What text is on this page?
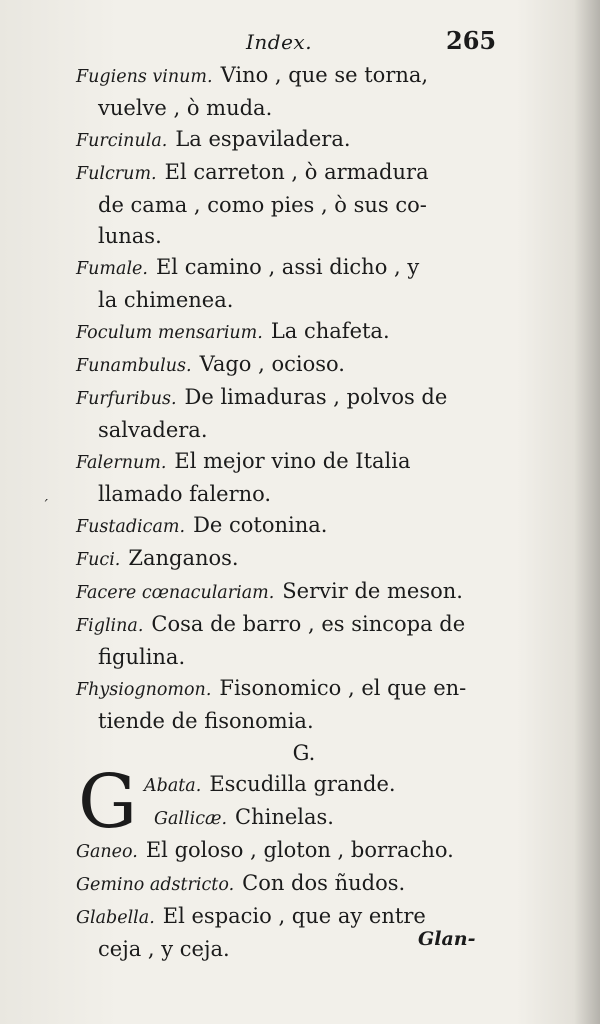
Index.	265
´
Fugiens vinum. Vino , que se torna,
vuelve , ò muda.
Furcinula. La espaviladera.
Fulcrum. El carreton , ò armadura
de cama , como pies , ò sus co-
lunas.
Fumale. El camino , assi dicho , y
la chimenea.
Foculum mensarium. La chafeta.
Funambulus. Vago , ocioso.
Furfuribus. De limaduras , polvos de
salvadera.
Falernum. El mejor vino de Italia
llamado falerno.
Fustadicam. De cotonina.
Fuci. Zanganos.
Facere cœnaculariam. Servir de meson.
Figlina. Cosa de barro , es sincopa de
figulina.
Fhysiognomon. Fisonomico , el que en-
tiende de fisonomia.
G.
G Abata. Escudilla grande.
Gallicæ. Chinelas.
Ganeo. El goloso , gloton , borracho.
Gemino adstricto. Con dos ñudos.
Glabella. El espacio , que ay entre
ceja , y ceja.	Glan-
